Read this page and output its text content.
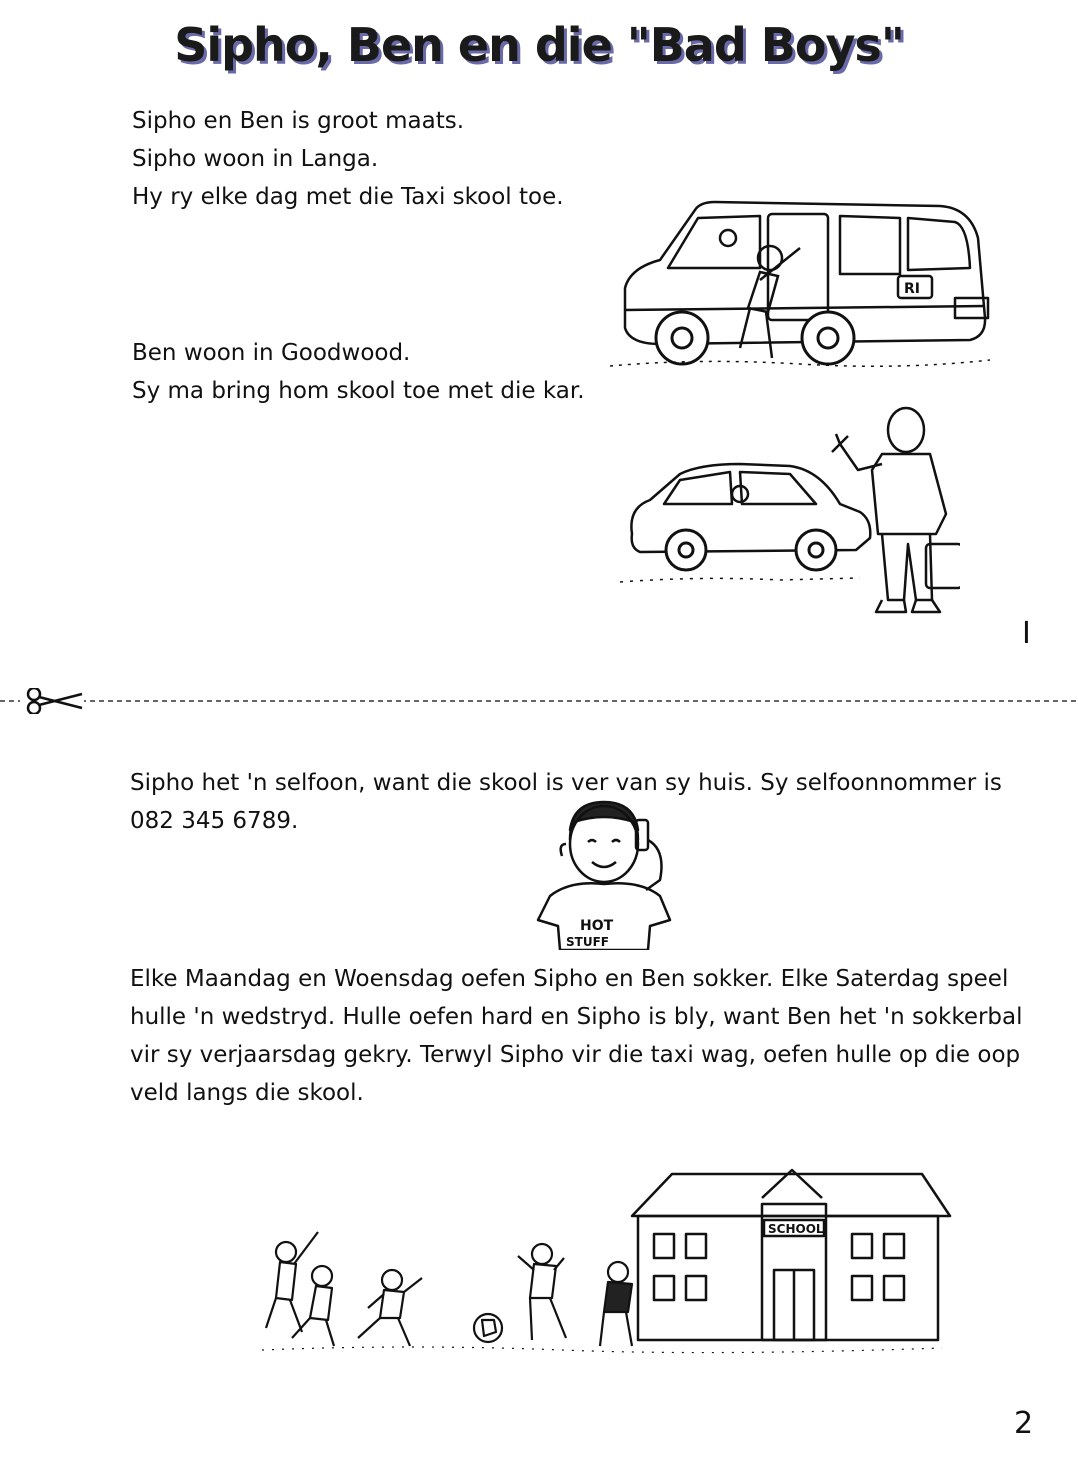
Sipho, Ben en die "Bad Boys"
Sipho en Ben is groot maats.
Sipho woon in Langa.
Hy ry elke dag met die Taxi skool toe.
Ben woon in Goodwood.
Sy ma bring hom skool toe met die kar.
RI
I
Sipho het 'n selfoon, want die skool is ver van sy huis. Sy selfoonnommer is 082 345 6789.
HOT
STUFF
Elke Maandag en Woensdag oefen Sipho en Ben sokker. Elke Saterdag speel hulle 'n wedstryd. Hulle oefen hard en Sipho is bly, want Ben het 'n sokkerbal vir sy verjaarsdag gekry. Terwyl Sipho vir die taxi wag, oefen hulle op die oop veld langs die skool.
SCHOOL
2
